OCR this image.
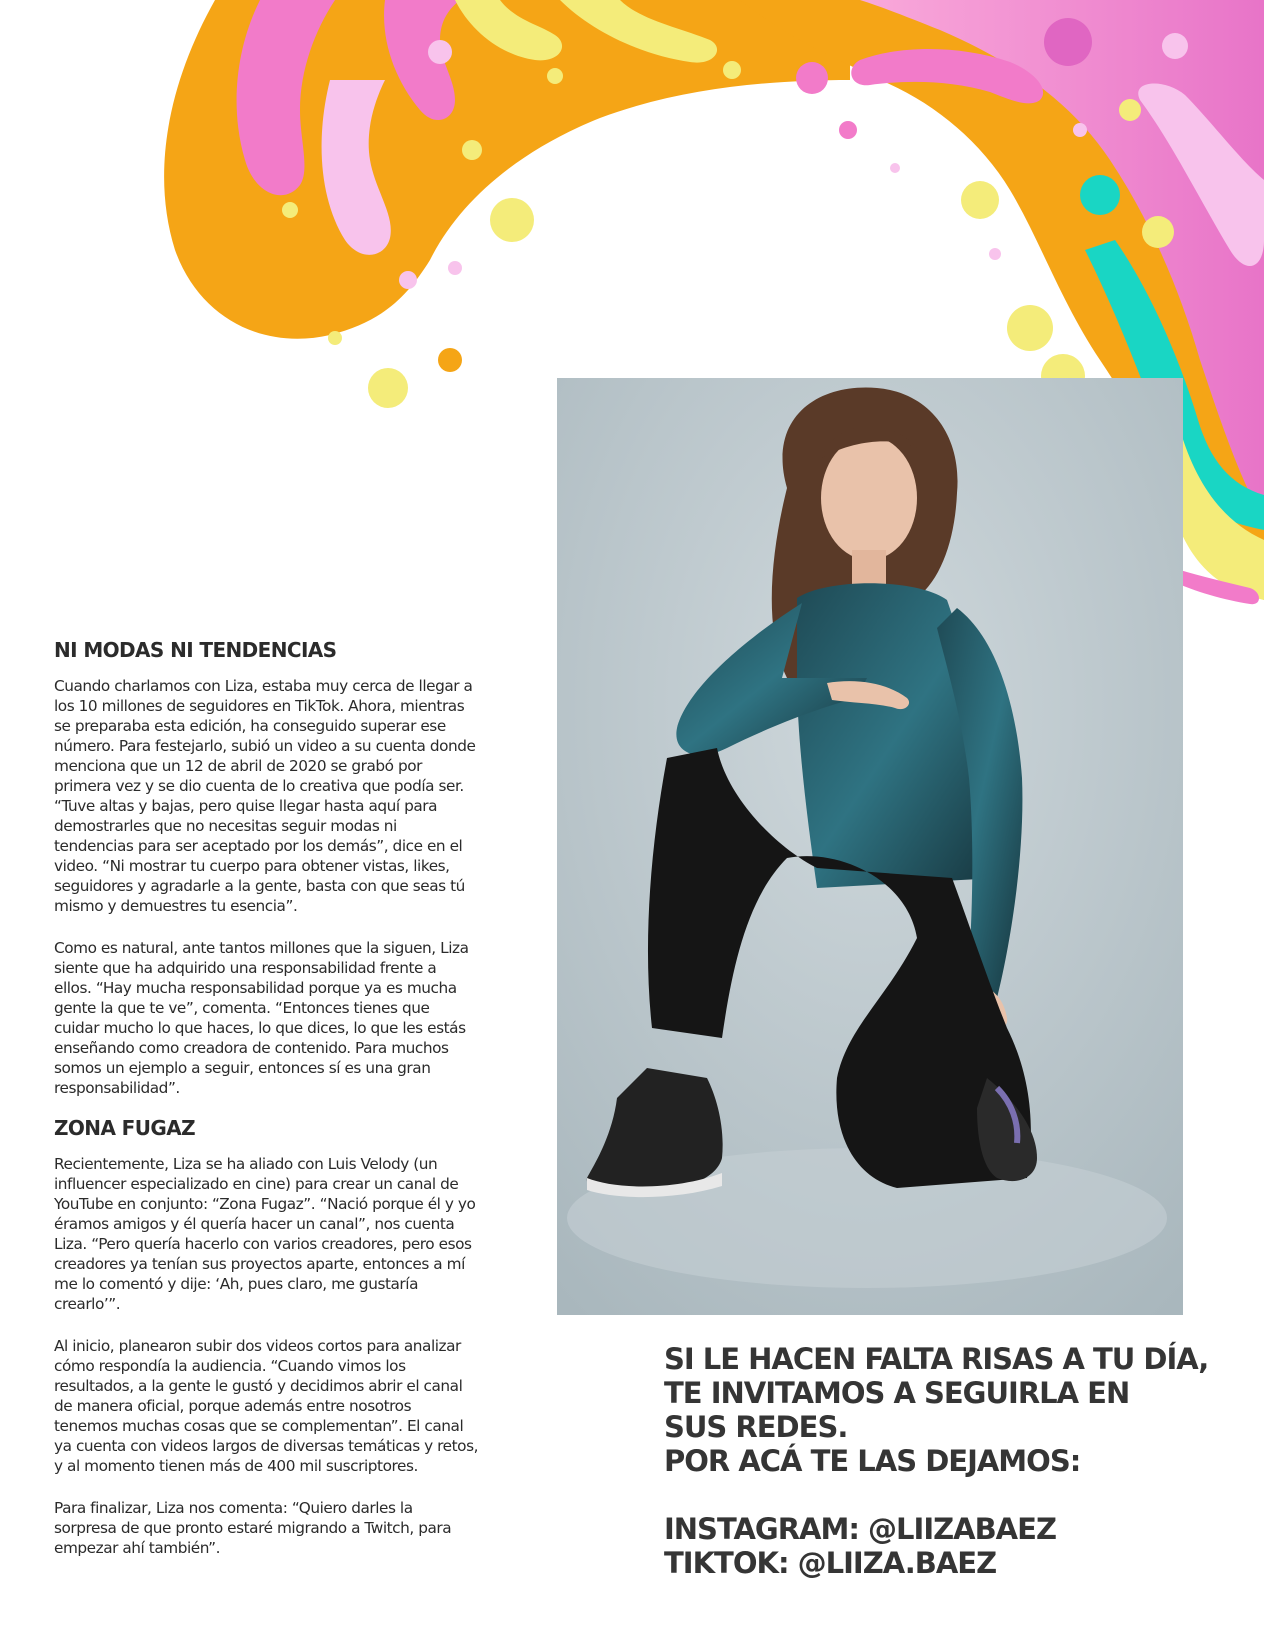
NI MODAS NI TENDENCIAS

Cuando charlamos con Liza, estaba muy cerca de llegar a los 10 millones de seguidores en TikTok. Ahora, mientras se preparaba esta edición, ha conseguido superar ese número. Para festejarlo, subió un video a su cuenta donde menciona que un 12 de abril de 2020 se grabó por primera vez y se dio cuenta de lo creativa que podía ser. “Tuve altas y bajas, pero quise llegar hasta aquí para demostrarles que no necesitas seguir modas ni tendencias para ser aceptado por los demás”, dice en el video. “Ni mostrar tu cuerpo para obtener vistas, likes, seguidores y agradarle a la gente, basta con que seas tú mismo y demuestres tu esencia”.

Como es natural, ante tantos millones que la siguen, Liza siente que ha adquirido una responsabilidad frente a ellos. “Hay mucha responsabilidad porque ya es mucha gente la que te ve”, comenta. “Entonces tienes que cuidar mucho lo que haces, lo que dices, lo que les estás enseñando como creadora de contenido. Para muchos somos un ejemplo a seguir, entonces sí es una gran responsabilidad”.

ZONA FUGAZ

Recientemente, Liza se ha aliado con Luis Velody (un influencer especializado en cine) para crear un canal de YouTube en conjunto: “Zona Fugaz”. “Nació porque él y yo éramos amigos y él quería hacer un canal”, nos cuenta Liza. “Pero quería hacerlo con varios creadores, pero esos creadores ya tenían sus proyectos aparte, entonces a mí me lo comentó y dije: ‘Ah, pues claro, me gustaría crearlo’”.

Al inicio, planearon subir dos videos cortos para analizar cómo respondía la audiencia. “Cuando vimos los resultados, a la gente le gustó y decidimos abrir el canal de manera oficial, porque además entre nosotros tenemos muchas cosas que se complementan”. El canal ya cuenta con videos largos de diversas temáticas y retos, y al momento tienen más de 400 mil suscriptores.

Para finalizar, Liza nos comenta: “Quiero darles la sorpresa de que pronto estaré migrando a Twitch, para empezar ahí también”.

SI LE HACEN FALTA RISAS A TU DÍA,
TE INVITAMOS A SEGUIRLA EN
SUS REDES.
POR ACÁ TE LAS DEJAMOS:
INSTAGRAM: @LIIZABAEZ
TIKTOK: @LIIZA.BAEZ
